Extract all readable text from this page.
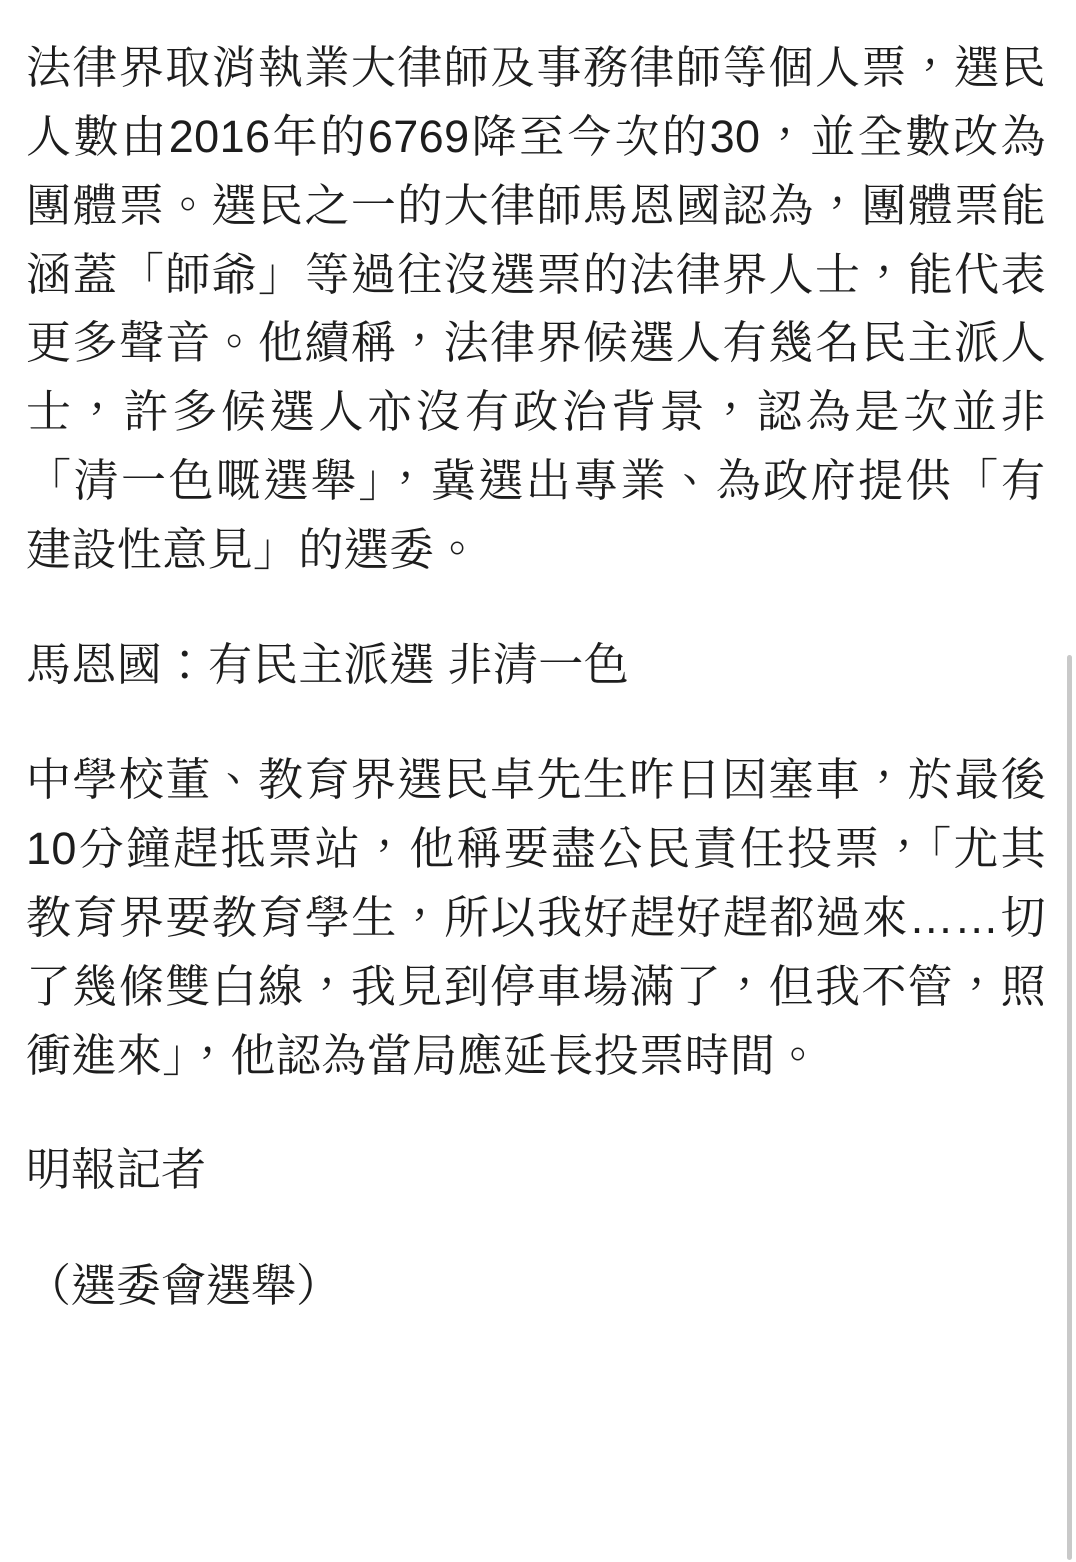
法律界取消執業大律師及事務律師等個人票，選民人數由2016年的6769降至今次的30，並全數改為團體票。選民之一的大律師馬恩國認為，團體票能涵蓋「師爺」等過往沒選票的法律界人士，能代表更多聲音。他續稱，法律界候選人有幾名民主派人士，許多候選人亦沒有政治背景，認為是次並非「清一色嘅選舉」，冀選出專業、為政府提供「有建設性意見」的選委。

馬恩國：有民主派選 非清一色

中學校董、教育界選民卓先生昨日因塞車，於最後10分鐘趕抵票站，他稱要盡公民責任投票，「尤其教育界要教育學生，所以我好趕好趕都過來……切了幾條雙白線，我見到停車場滿了，但我不管，照衝進來」，他認為當局應延長投票時間。

明報記者

（選委會選舉）
